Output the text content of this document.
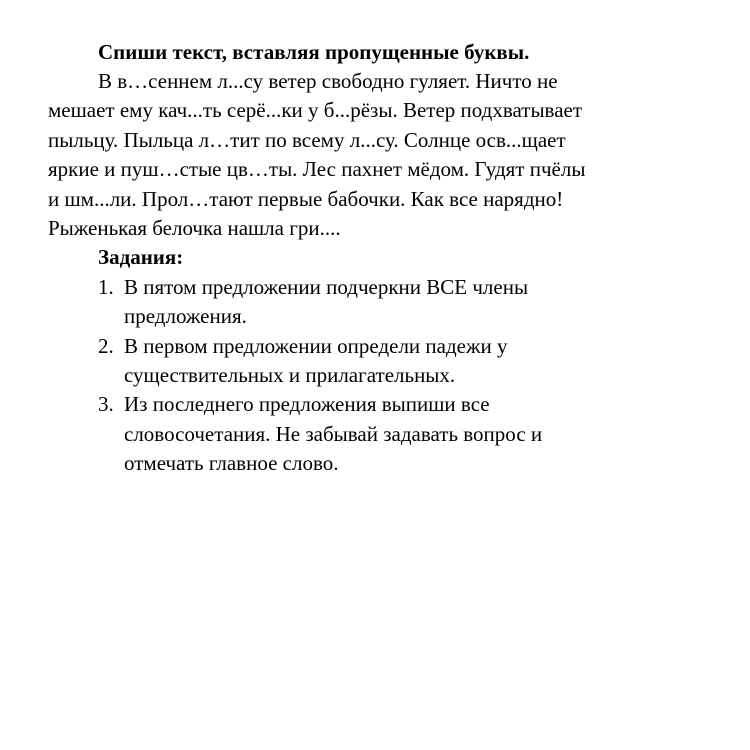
Спиши текст, вставляя пропущенные буквы.

В в…сеннем л...су ветер свободно гуляет. Ничто не
мешает ему кач...ть серё...ки у б...рёзы. Ветер подхватывает
пыльцу. Пыльца л…тит по всему л...су. Солнце осв...щает
яркие и пуш…стые цв…ты. Лес пахнет мёдом. Гудят пчёлы
и шм...ли. Прол…тают первые бабочки. Как все нарядно!
Рыженькая белочка нашла гри....

Задания:

1. В пятом предложении подчеркни ВСЕ члены
предложения.
2. В первом предложении определи падежи у
существительных и прилагательных.
3. Из последнего предложения выпиши все
словосочетания. Не забывай задавать вопрос и
отмечать главное слово.
